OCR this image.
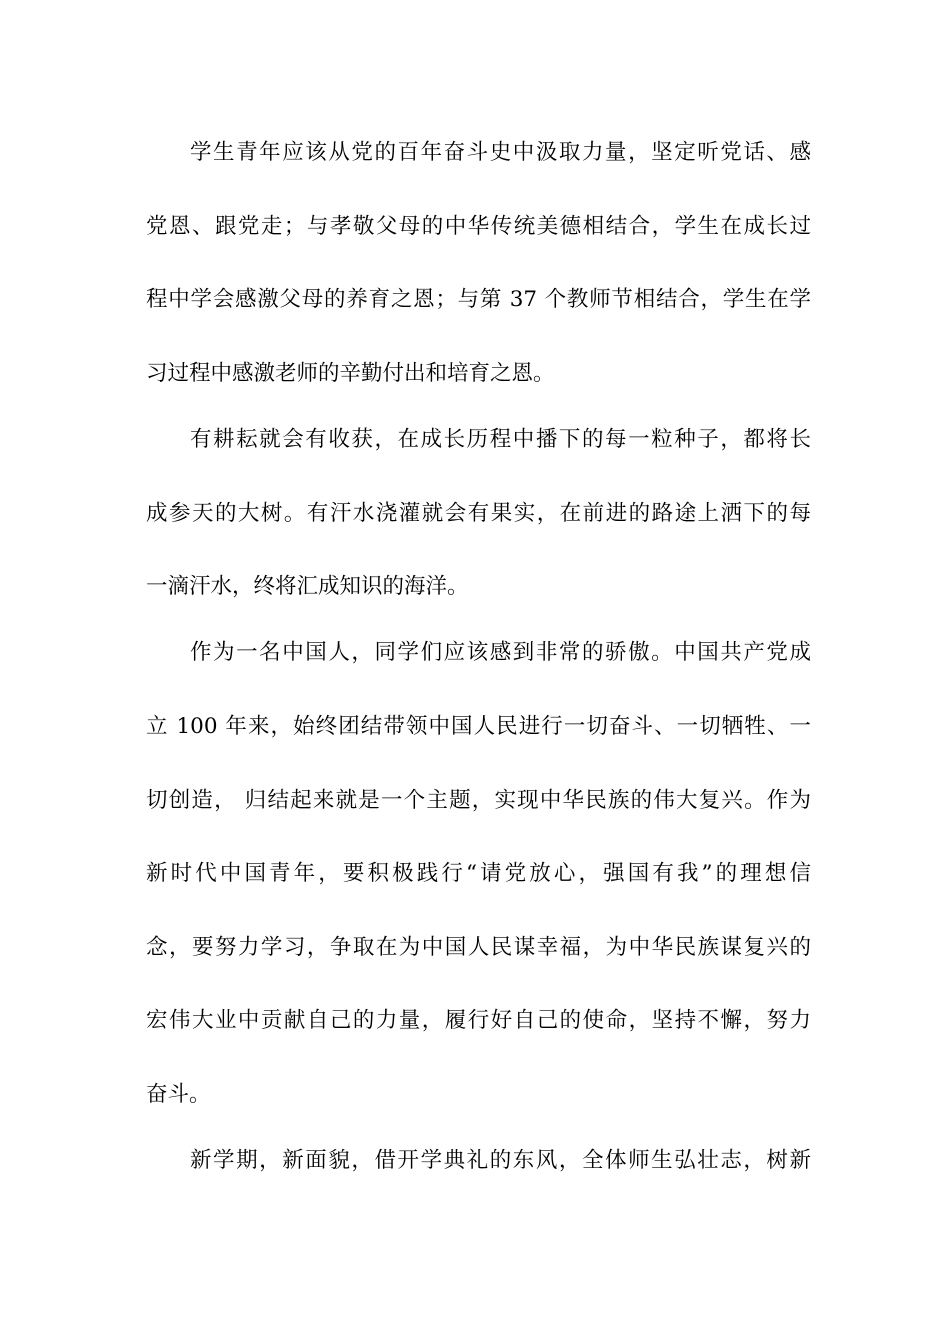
学生青年应该从党的百年奋斗史中汲取力量，坚定听党话、感
党恩、跟党走；与孝敬父母的中华传统美德相结合，学生在成长过
程中学会感激父母的养育之恩；与第 37 个教师节相结合，学生在学
习过程中感激老师的辛勤付出和培育之恩。
有耕耘就会有收获，在成长历程中播下的每一粒种子，都将长
成参天的大树。有汗水浇灌就会有果实，在前进的路途上洒下的每
一滴汗水，终将汇成知识的海洋。
作为一名中国人，同学们应该感到非常的骄傲。中国共产党成
立 100 年来，始终团结带领中国人民进行一切奋斗、一切牺牲、一
切创造， 归结起来就是一个主题，实现中华民族的伟大复兴。作为
新时代中国青年，要积极践行“请党放心，强国有我”的理想信
念，要努力学习，争取在为中国人民谋幸福，为中华民族谋复兴的
宏伟大业中贡献自己的力量，履行好自己的使命，坚持不懈，努力
奋斗。
新学期，新面貌，借开学典礼的东风，全体师生弘壮志，树新
